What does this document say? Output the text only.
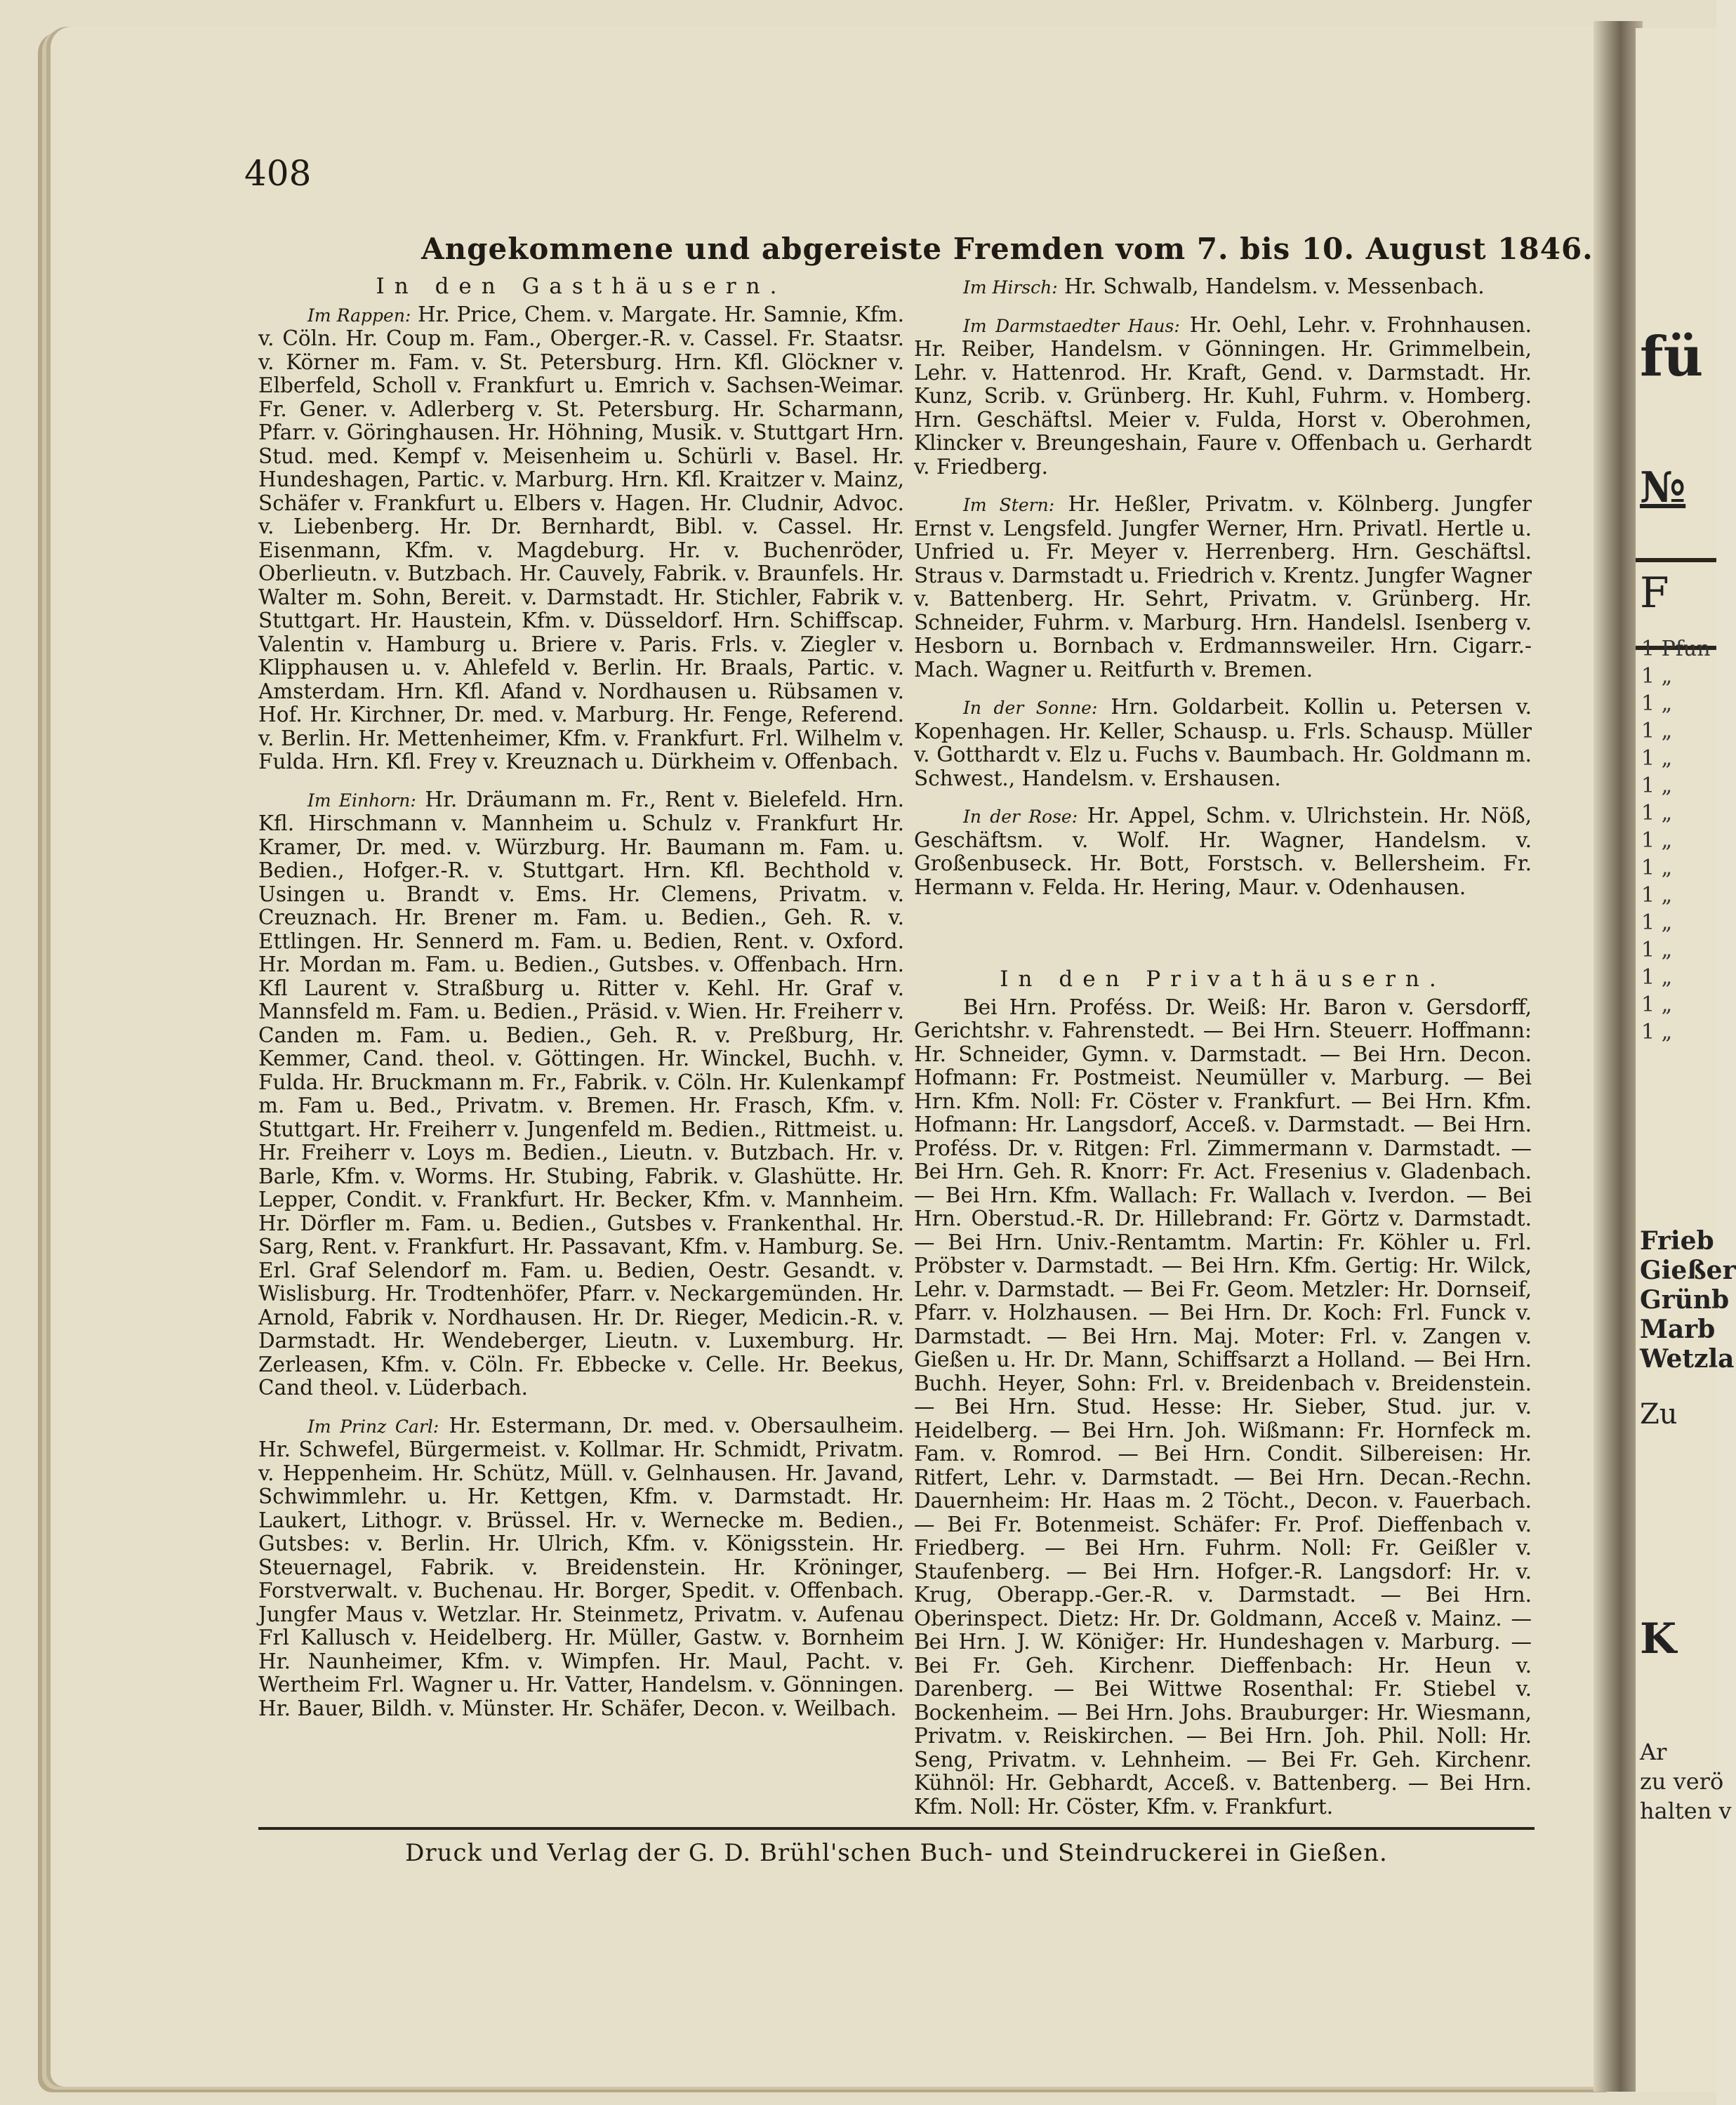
fü
№
F
Frieb
Gießer
Grünb
Marb
Wetzla
Zu
K
Ar
zu verö
halten v
1 Pfun
1 „
1 „
1 „
1 „
1 „
1 „
1 „
1 „
1 „
1 „
1 „
1 „
1 „
1 „
408
Angekommene und abgereiste Fremden vom 7. bis 10. August 1846.
In den Gasthäusern.

Im Rappen: Hr. Price, Chem. v. Margate. Hr. Samnie, Kfm. v. Cöln. Hr. Coup m. Fam., Oberger.-R. v. Cassel. Fr. Staatsr. v. Körner m. Fam. v. St. Petersburg. Hrn. Kfl. Glöckner v. Elberfeld, Scholl v. Frankfurt u. Emrich v. Sachsen-Weimar. Fr. Gener. v. Adlerberg v. St. Petersburg. Hr. Scharmann, Pfarr. v. Göringhausen. Hr. Höhning, Musik. v. Stuttgart Hrn. Stud. med. Kempf v. Meisenheim u. Schürli v. Basel. Hr. Hundeshagen, Partic. v. Marburg. Hrn. Kfl. Kraitzer v. Mainz, Schäfer v. Frankfurt u. Elbers v. Hagen. Hr. Cludnir, Advoc. v. Liebenberg. Hr. Dr. Bernhardt, Bibl. v. Cassel. Hr. Eisenmann, Kfm. v. Magdeburg. Hr. v. Buchenröder, Oberlieutn. v. Butzbach. Hr. Cauvely, Fabrik. v. Braunfels. Hr. Walter m. Sohn, Bereit. v. Darmstadt. Hr. Stichler, Fabrik v. Stuttgart. Hr. Haustein, Kfm. v. Düsseldorf. Hrn. Schiffscap. Valentin v. Hamburg u. Briere v. Paris. Frls. v. Ziegler v. Klipphausen u. v. Ahlefeld v. Berlin. Hr. Braals, Partic. v. Amsterdam. Hrn. Kfl. Afand v. Nordhausen u. Rübsamen v. Hof. Hr. Kirchner, Dr. med. v. Marburg. Hr. Fenge, Referend. v. Berlin. Hr. Mettenheimer, Kfm. v. Frankfurt. Frl. Wilhelm v. Fulda. Hrn. Kfl. Frey v. Kreuznach u. Dürkheim v. Offenbach.

Im Einhorn: Hr. Dräumann m. Fr., Rent v. Bielefeld. Hrn. Kfl. Hirschmann v. Mannheim u. Schulz v. Frankfurt Hr. Kramer, Dr. med. v. Würzburg. Hr. Baumann m. Fam. u. Bedien., Hofger.-R. v. Stuttgart. Hrn. Kfl. Bechthold v. Usingen u. Brandt v. Ems. Hr. Clemens, Privatm. v. Creuznach. Hr. Brener m. Fam. u. Bedien., Geh. R. v. Ettlingen. Hr. Sennerd m. Fam. u. Bedien, Rent. v. Oxford. Hr. Mordan m. Fam. u. Bedien., Gutsbes. v. Offenbach. Hrn. Kfl Laurent v. Straßburg u. Ritter v. Kehl. Hr. Graf v. Mannsfeld m. Fam. u. Bedien., Präsid. v. Wien. Hr. Freiherr v. Canden m. Fam. u. Bedien., Geh. R. v. Preßburg, Hr. Kemmer, Cand. theol. v. Göttingen. Hr. Winckel, Buchh. v. Fulda. Hr. Bruckmann m. Fr., Fabrik. v. Cöln. Hr. Kulenkampf m. Fam u. Bed., Privatm. v. Bremen. Hr. Frasch, Kfm. v. Stuttgart. Hr. Freiherr v. Jungenfeld m. Bedien., Rittmeist. u. Hr. Freiherr v. Loys m. Bedien., Lieutn. v. Butzbach. Hr. v. Barle, Kfm. v. Worms. Hr. Stubing, Fabrik. v. Glashütte. Hr. Lepper, Condit. v. Frankfurt. Hr. Becker, Kfm. v. Mannheim. Hr. Dörfler m. Fam. u. Bedien., Gutsbes v. Frankenthal. Hr. Sarg, Rent. v. Frankfurt. Hr. Passavant, Kfm. v. Hamburg. Se. Erl. Graf Selendorf m. Fam. u. Bedien, Oestr. Gesandt. v. Wislisburg. Hr. Trodtenhöfer, Pfarr. v. Neckargemünden. Hr. Arnold, Fabrik v. Nordhausen. Hr. Dr. Rieger, Medicin.-R. v. Darmstadt. Hr. Wendeberger, Lieutn. v. Luxemburg. Hr. Zerleasen, Kfm. v. Cöln. Fr. Ebbecke v. Celle. Hr. Beekus, Cand theol. v. Lüderbach.

Im Prinz Carl: Hr. Estermann, Dr. med. v. Obersaulheim. Hr. Schwefel, Bürgermeist. v. Kollmar. Hr. Schmidt, Privatm. v. Heppenheim. Hr. Schütz, Müll. v. Gelnhausen. Hr. Javand, Schwimmlehr. u. Hr. Kettgen, Kfm. v. Darmstadt. Hr. Laukert, Lithogr. v. Brüssel. Hr. v. Wernecke m. Bedien., Gutsbes: v. Berlin. Hr. Ulrich, Kfm. v. Königsstein. Hr. Steuernagel, Fabrik. v. Breidenstein. Hr. Kröninger, Forstverwalt. v. Buchenau. Hr. Borger, Spedit. v. Offenbach. Jungfer Maus v. Wetzlar. Hr. Steinmetz, Privatm. v. Aufenau Frl Kallusch v. Heidelberg. Hr. Müller, Gastw. v. Bornheim Hr. Naunheimer, Kfm. v. Wimpfen. Hr. Maul, Pacht. v. Wertheim Frl. Wagner u. Hr. Vatter, Handelsm. v. Gönningen. Hr. Bauer, Bildh. v. Münster. Hr. Schäfer, Decon. v. Weilbach.

Im Hirsch: Hr. Schwalb, Handelsm. v. Messenbach.

Im Darmstaedter Haus: Hr. Oehl, Lehr. v. Frohnhausen. Hr. Reiber, Handelsm. v Gönningen. Hr. Grimmelbein, Lehr. v. Hattenrod. Hr. Kraft, Gend. v. Darmstadt. Hr. Kunz, Scrib. v. Grünberg. Hr. Kuhl, Fuhrm. v. Homberg. Hrn. Geschäftsl. Meier v. Fulda, Horst v. Oberohmen, Klincker v. Breungeshain, Faure v. Offenbach u. Gerhardt v. Friedberg.

Im Stern: Hr. Heßler, Privatm. v. Kölnberg. Jungfer Ernst v. Lengsfeld. Jungfer Werner, Hrn. Privatl. Hertle u. Unfried u. Fr. Meyer v. Herrenberg. Hrn. Geschäftsl. Straus v. Darmstadt u. Friedrich v. Krentz. Jungfer Wagner v. Battenberg. Hr. Sehrt, Privatm. v. Grünberg. Hr. Schneider, Fuhrm. v. Marburg. Hrn. Handelsl. Isenberg v. Hesborn u. Bornbach v. Erdmannsweiler. Hrn. Cigarr.-Mach. Wagner u. Reitfurth v. Bremen.

In der Sonne: Hrn. Goldarbeit. Kollin u. Petersen v. Kopenhagen. Hr. Keller, Schausp. u. Frls. Schausp. Müller v. Gotthardt v. Elz u. Fuchs v. Baumbach. Hr. Goldmann m. Schwest., Handelsm. v. Ershausen.

In der Rose: Hr. Appel, Schm. v. Ulrichstein. Hr. Nöß, Geschäftsm. v. Wolf. Hr. Wagner, Handelsm. v. Großenbuseck. Hr. Bott, Forstsch. v. Bellersheim. Fr. Hermann v. Felda. Hr. Hering, Maur. v. Odenhausen.

In den Privathäusern.

Bei Hrn. Proféss. Dr. Weiß: Hr. Baron v. Gersdorff, Gerichtshr. v. Fahrenstedt. — Bei Hrn. Steuerr. Hoffmann: Hr. Schneider, Gymn. v. Darmstadt. — Bei Hrn. Decon. Hofmann: Fr. Postmeist. Neumüller v. Marburg. — Bei Hrn. Kfm. Noll: Fr. Cöster v. Frankfurt. — Bei Hrn. Kfm. Hofmann: Hr. Langsdorf, Acceß. v. Darmstadt. — Bei Hrn. Proféss. Dr. v. Ritgen: Frl. Zimmermann v. Darmstadt. — Bei Hrn. Geh. R. Knorr: Fr. Act. Fresenius v. Gladenbach. — Bei Hrn. Kfm. Wallach: Fr. Wallach v. Iverdon. — Bei Hrn. Oberstud.-R. Dr. Hillebrand: Fr. Görtz v. Darmstadt. — Bei Hrn. Univ.-Rentamtm. Martin: Fr. Köhler u. Frl. Pröbster v. Darmstadt. — Bei Hrn. Kfm. Gertig: Hr. Wilck, Lehr. v. Darmstadt. — Bei Fr. Geom. Metzler: Hr. Dornseif, Pfarr. v. Holzhausen. — Bei Hrn. Dr. Koch: Frl. Funck v. Darmstadt. — Bei Hrn. Maj. Moter: Frl. v. Zangen v. Gießen u. Hr. Dr. Mann, Schiffsarzt a Holland. — Bei Hrn. Buchh. Heyer, Sohn: Frl. v. Breidenbach v. Breidenstein. — Bei Hrn. Stud. Hesse: Hr. Sieber, Stud. jur. v. Heidelberg. — Bei Hrn. Joh. Wißmann: Fr. Hornfeck m. Fam. v. Romrod. — Bei Hrn. Condit. Silbereisen: Hr. Ritfert, Lehr. v. Darmstadt. — Bei Hrn. Decan.-Rechn. Dauernheim: Hr. Haas m. 2 Töcht., Decon. v. Fauerbach. — Bei Fr. Botenmeist. Schäfer: Fr. Prof. Dieffenbach v. Friedberg. — Bei Hrn. Fuhrm. Noll: Fr. Geißler v. Staufenberg. — Bei Hrn. Hofger.-R. Langsdorf: Hr. v. Krug, Oberapp.-Ger.-R. v. Darmstadt. — Bei Hrn. Oberinspect. Dietz: Hr. Dr. Goldmann, Acceß v. Mainz. — Bei Hrn. J. W. Köniğer: Hr. Hundeshagen v. Marburg. — Bei Fr. Geh. Kirchenr. Dieffenbach: Hr. Heun v. Darenberg. — Bei Wittwe Rosenthal: Fr. Stiebel v. Bockenheim. — Bei Hrn. Johs. Brauburger: Hr. Wiesmann, Privatm. v. Reiskirchen. — Bei Hrn. Joh. Phil. Noll: Hr. Seng, Privatm. v. Lehnheim. — Bei Fr. Geh. Kirchenr. Kühnöl: Hr. Gebhardt, Acceß. v. Battenberg. — Bei Hrn. Kfm. Noll: Hr. Cöster, Kfm. v. Frankfurt.

Druck und Verlag der G. D. Brühl'schen Buch- und Steindruckerei in Gießen.
